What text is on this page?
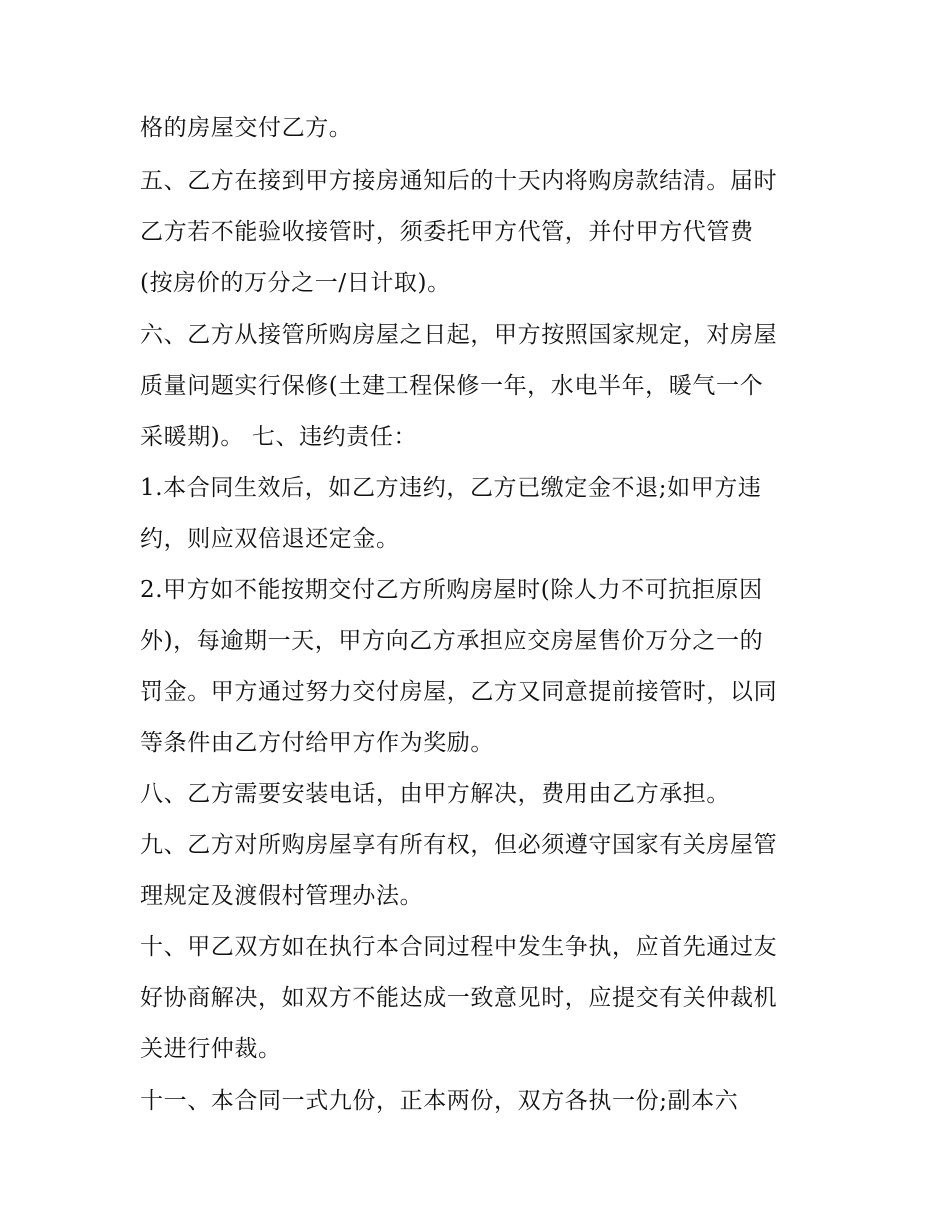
格的房屋交付乙方。

五、乙方在接到甲方接房通知后的十天内将购房款结清。届时

乙方若不能验收接管时，须委托甲方代管，并付甲方代管费

(按房价的万分之一/日计取)。

六、乙方从接管所购房屋之日起，甲方按照国家规定，对房屋

质量问题实行保修(土建工程保修一年，水电半年，暖气一个

采暖期)。 七、违约责任：

1.本合同生效后，如乙方违约，乙方已缴定金不退;如甲方违

约，则应双倍退还定金。

2.甲方如不能按期交付乙方所购房屋时(除人力不可抗拒原因

外)，每逾期一天，甲方向乙方承担应交房屋售价万分之一的

罚金。甲方通过努力交付房屋，乙方又同意提前接管时，以同

等条件由乙方付给甲方作为奖励。

八、乙方需要安装电话，由甲方解决，费用由乙方承担。

九、乙方对所购房屋享有所有权，但必须遵守国家有关房屋管

理规定及渡假村管理办法。

十、甲乙双方如在执行本合同过程中发生争执，应首先通过友

好协商解决，如双方不能达成一致意见时，应提交有关仲裁机

关进行仲裁。

十一、本合同一式九份，正本两份，双方各执一份;副本六
